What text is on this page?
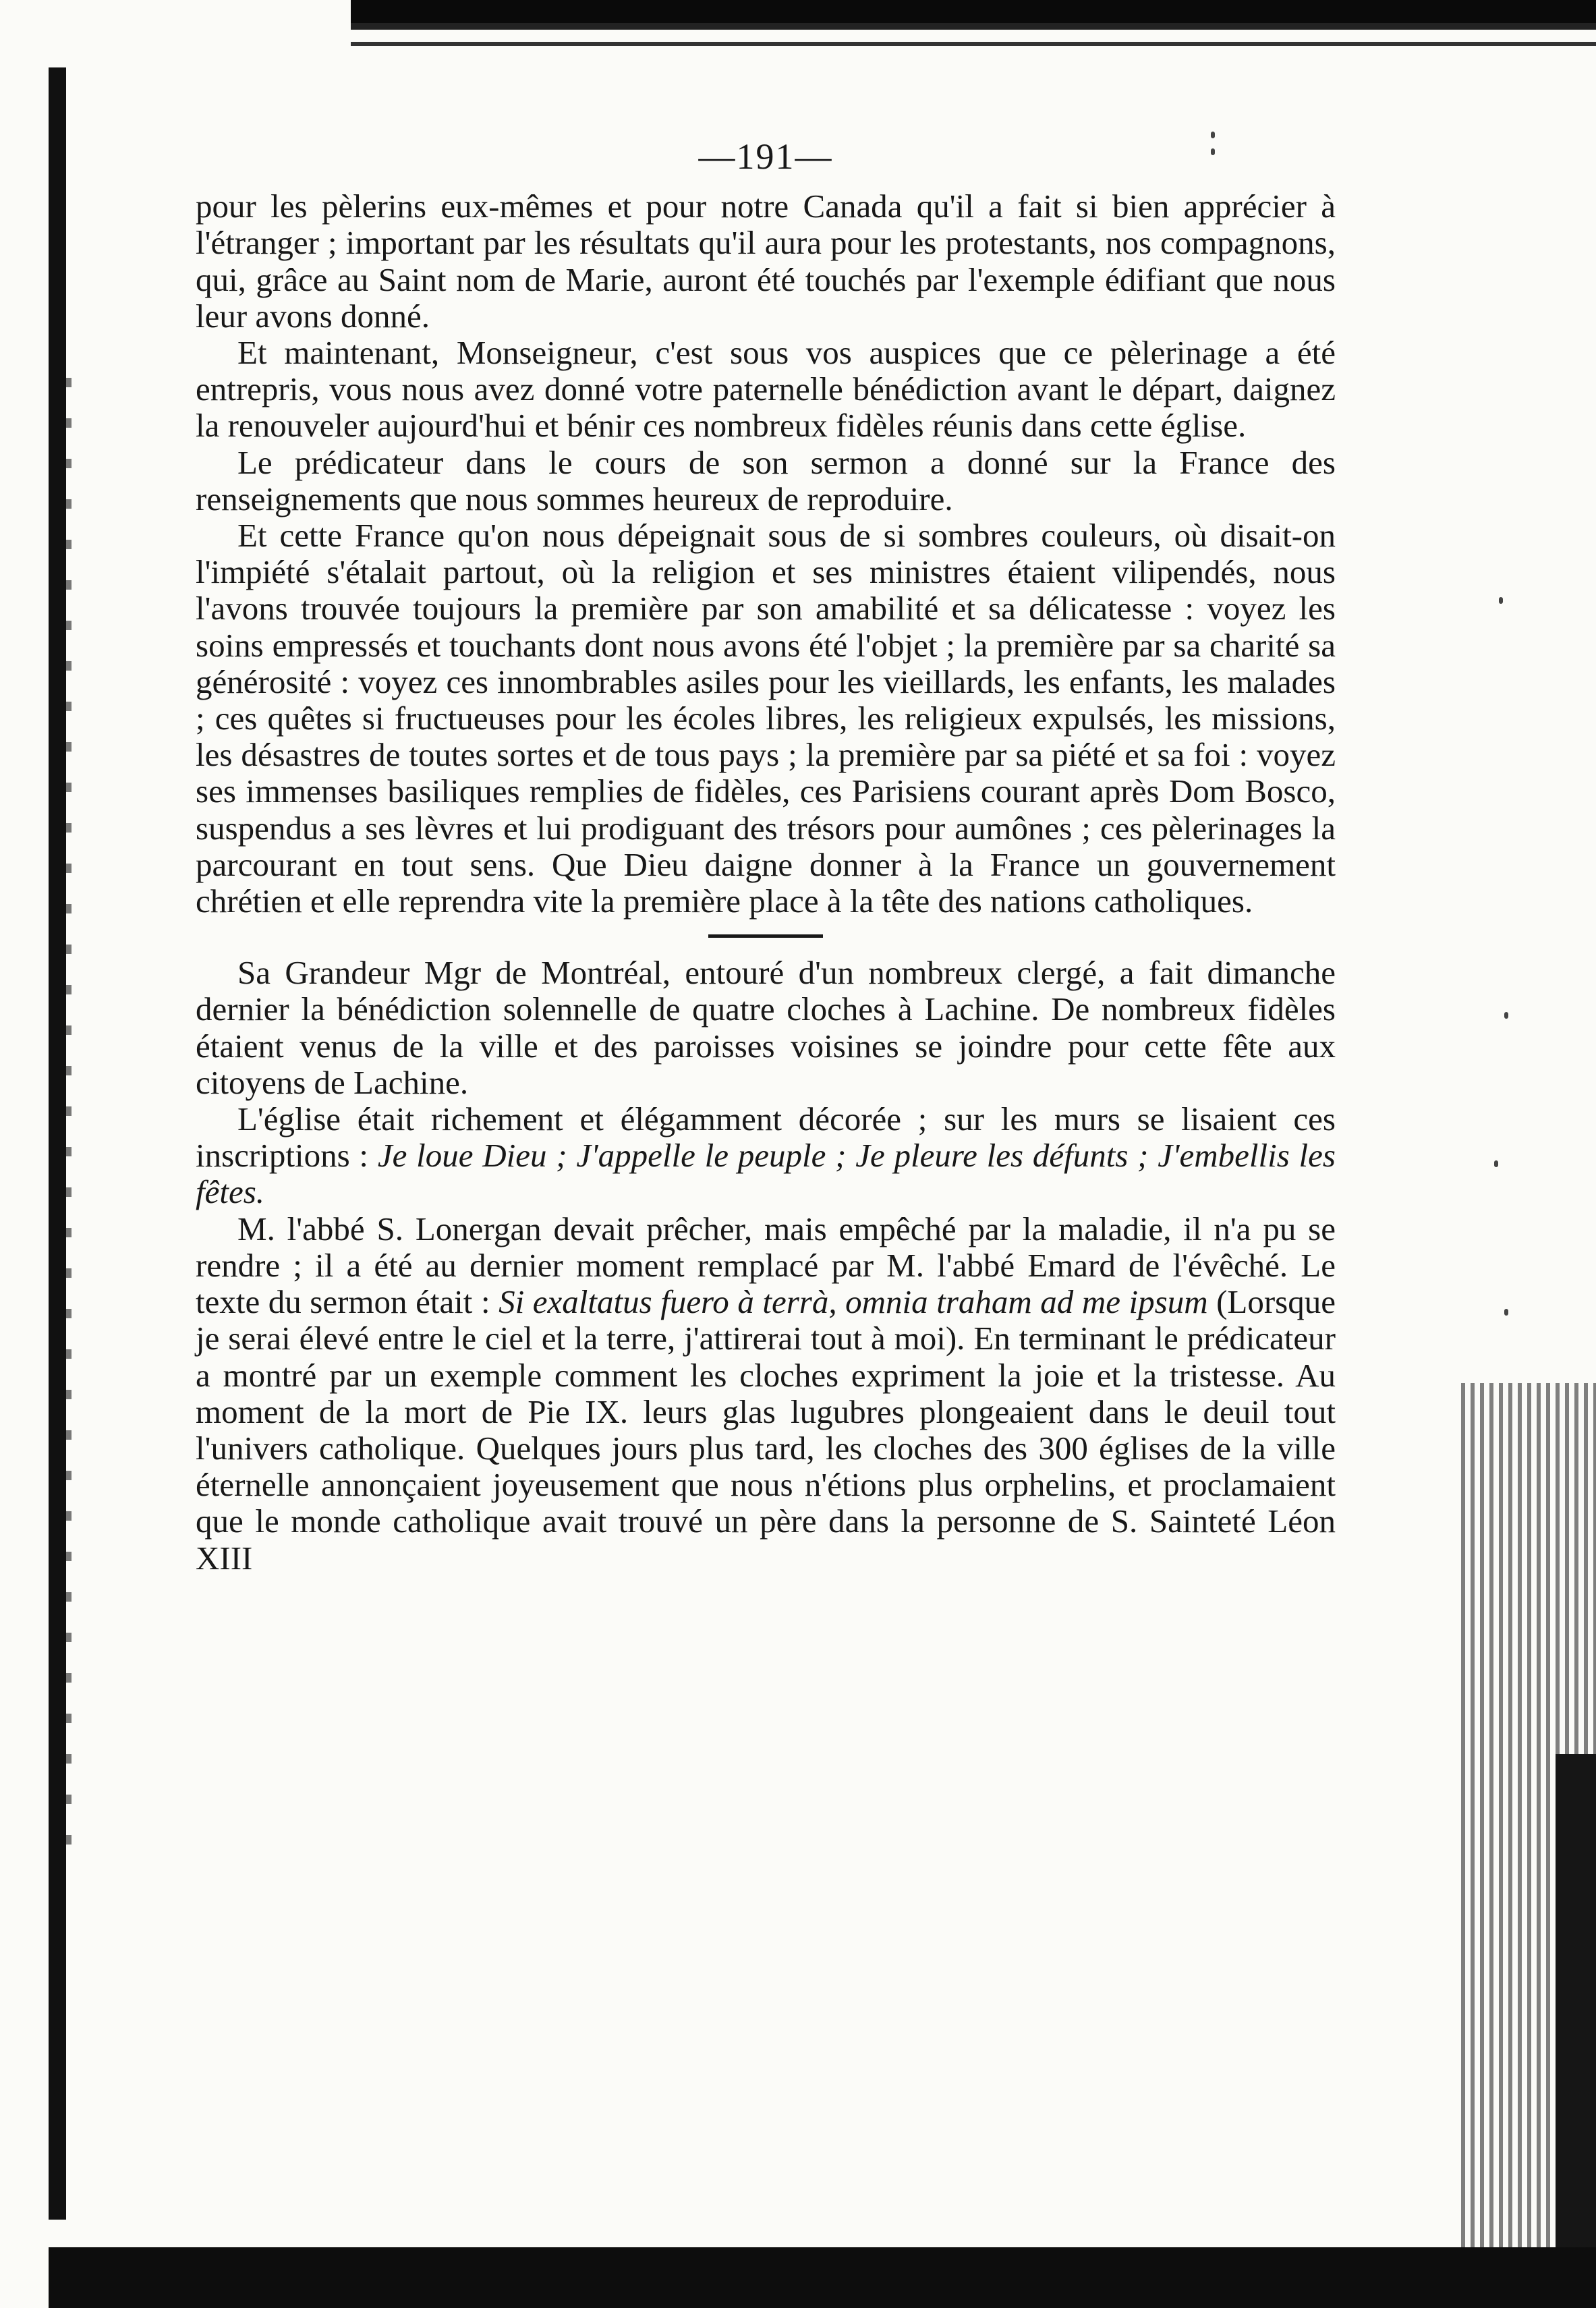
—191—

pour les pèlerins eux-mêmes et pour notre Canada qu'il a fait si bien apprécier à l'étranger ; important par les résultats qu'il aura pour les protestants, nos compagnons, qui, grâce au Saint nom de Marie, auront été touchés par l'exemple édifiant que nous leur avons donné.

Et maintenant, Monseigneur, c'est sous vos auspices que ce pèlerinage a été entrepris, vous nous avez donné votre paternelle bénédiction avant le départ, daignez la renouveler aujourd'hui et bénir ces nombreux fidèles réunis dans cette église.

Le prédicateur dans le cours de son sermon a donné sur la France des renseignements que nous sommes heureux de reproduire.

Et cette France qu'on nous dépeignait sous de si sombres couleurs, où disait-on l'impiété s'étalait partout, où la religion et ses ministres étaient vilipendés, nous l'avons trouvée toujours la première par son amabilité et sa délicatesse : voyez les soins empressés et touchants dont nous avons été l'objet ; la première par sa charité sa générosité : voyez ces innombrables asiles pour les vieillards, les enfants, les malades ; ces quêtes si fructueuses pour les écoles libres, les religieux expulsés, les missions, les désastres de toutes sortes et de tous pays ; la première par sa piété et sa foi : voyez ses immenses basiliques remplies de fidèles, ces Parisiens courant après Dom Bosco, suspendus a ses lèvres et lui prodiguant des trésors pour aumônes ; ces pèlerinages la parcourant en tout sens. Que Dieu daigne donner à la France un gouvernement chrétien et elle reprendra vite la première place à la tête des nations catholiques.

Sa Grandeur Mgr de Montréal, entouré d'un nombreux clergé, a fait dimanche dernier la bénédiction solennelle de quatre cloches à Lachine. De nombreux fidèles étaient venus de la ville et des paroisses voisines se joindre pour cette fête aux citoyens de Lachine.

L'église était richement et élégamment décorée ; sur les murs se lisaient ces inscriptions : Je loue Dieu ; J'appelle le peuple ; Je pleure les défunts ; J'embellis les fêtes.

M. l'abbé S. Lonergan devait prêcher, mais empêché par la maladie, il n'a pu se rendre ; il a été au dernier moment remplacé par M. l'abbé Emard de l'évêché. Le texte du sermon était : Si exaltatus fuero à terrà, omnia traham ad me ipsum (Lorsque je serai élevé entre le ciel et la terre, j'attirerai tout à moi). En terminant le prédicateur a montré par un exemple comment les cloches expriment la joie et la tristesse. Au moment de la mort de Pie IX. leurs glas lugubres plongeaient dans le deuil tout l'univers catholique. Quelques jours plus tard, les cloches des 300 églises de la ville éternelle annonçaient joyeusement que nous n'étions plus orphelins, et proclamaient que le monde catholique avait trouvé un père dans la personne de S. Sainteté Léon XIII
